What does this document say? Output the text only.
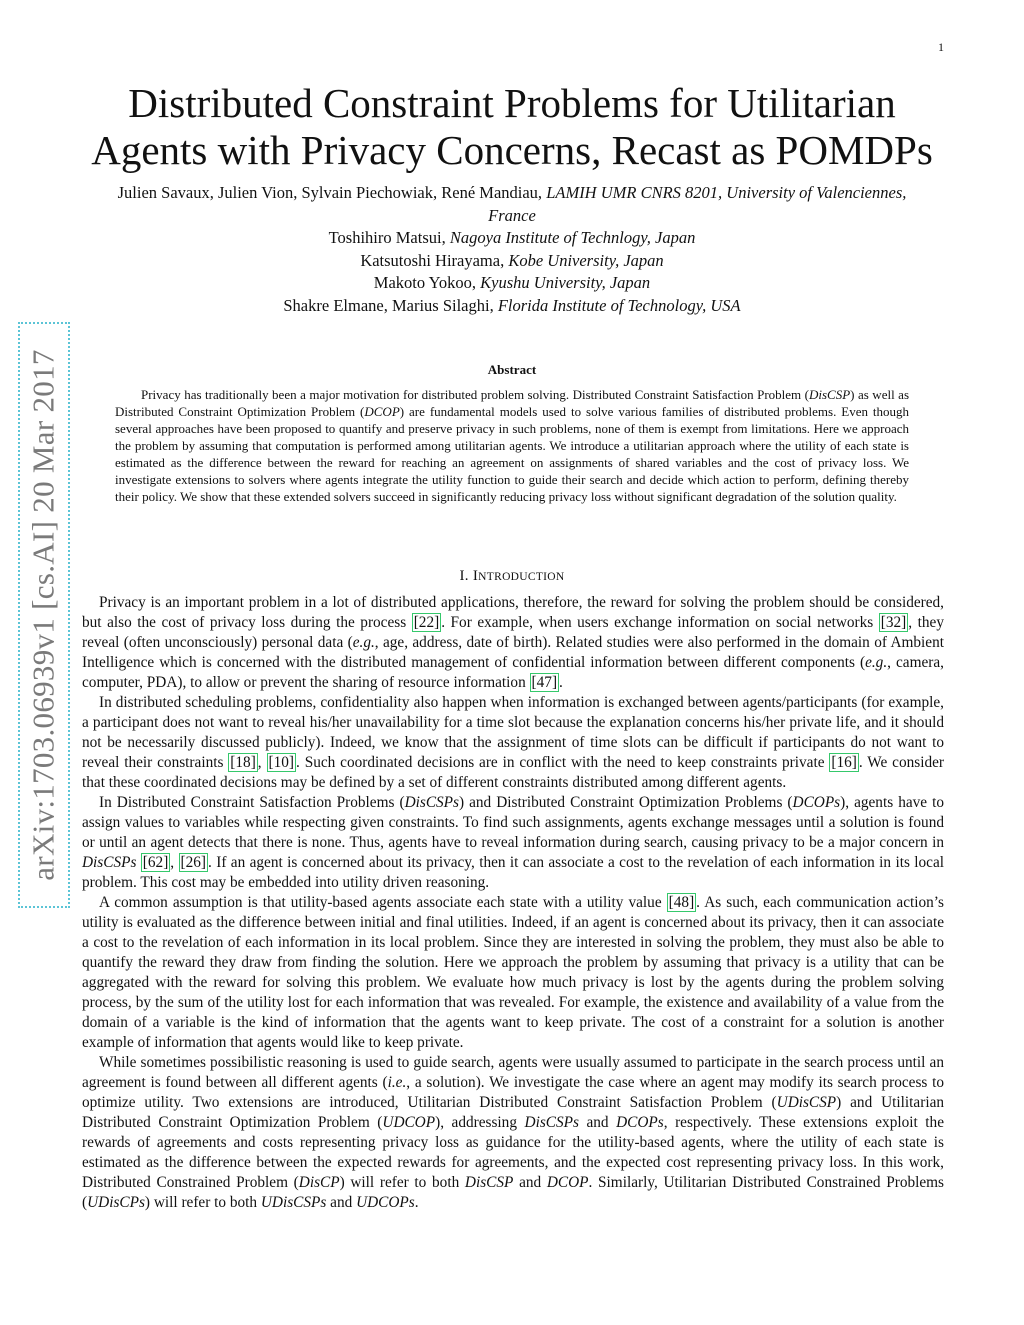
1
arXiv:1703.06939v1 [cs.AI] 20 Mar 2017
Distributed Constraint Problems for Utilitarian
Agents with Privacy Concerns, Recast as POMDPs
Julien Savaux, Julien Vion, Sylvain Piechowiak, René Mandiau, LAMIH UMR CNRS 8201, University of Valenciennes, France
Toshihiro Matsui, Nagoya Institute of Technlogy, Japan
Katsutoshi Hirayama, Kobe University, Japan
Makoto Yokoo, Kyushu University, Japan
Shakre Elmane, Marius Silaghi, Florida Institute of Technology, USA
Abstract

Privacy has traditionally been a major motivation for distributed problem solving. Distributed Constraint Satisfaction Problem (DisCSP) as well as Distributed Constraint Optimization Problem (DCOP) are fundamental models used to solve various families of distributed problems. Even though several approaches have been proposed to quantify and preserve privacy in such problems, none of them is exempt from limitations. Here we approach the problem by assuming that computation is performed among utilitarian agents. We introduce a utilitarian approach where the utility of each state is estimated as the difference between the reward for reaching an agreement on assignments of shared variables and the cost of privacy loss. We investigate extensions to solvers where agents integrate the utility function to guide their search and decide which action to perform, defining thereby their policy. We show that these extended solvers succeed in significantly reducing privacy loss without significant degradation of the solution quality.

I. INTRODUCTION

Privacy is an important problem in a lot of distributed applications, therefore, the reward for solving the problem should be considered, but also the cost of privacy loss during the process [22] . For example, when users exchange information on social networks [32] , they reveal (often unconsciously) personal data (e.g., age, address, date of birth). Related studies were also performed in the domain of Ambient Intelligence which is concerned with the distributed management of confidential information between different components (e.g., camera, computer, PDA), to allow or prevent the sharing of resource information [47] .

In distributed scheduling problems, confidentiality also happen when information is exchanged between agents/participants (for example, a participant does not want to reveal his/her unavailability for a time slot because the explanation concerns his/her private life, and it should not be necessarily discussed publicly). Indeed, we know that the assignment of time slots can be difficult if participants do not want to reveal their constraints [18] , [10] . Such coordinated decisions are in conflict with the need to keep constraints private [16] . We consider that these coordinated decisions may be defined by a set of different constraints distributed among different agents.

In Distributed Constraint Satisfaction Problems (DisCSPs) and Distributed Constraint Optimization Problems (DCOPs), agents have to assign values to variables while respecting given constraints. To find such assignments, agents exchange messages until a solution is found or until an agent detects that there is none. Thus, agents have to reveal information during search, causing privacy to be a major concern in DisCSPs [62] , [26] . If an agent is concerned about its privacy, then it can associate a cost to the revelation of each information in its local problem. This cost may be embedded into utility driven reasoning.

A common assumption is that utility-based agents associate each state with a utility value [48] . As such, each communication action’s utility is evaluated as the difference between initial and final utilities. Indeed, if an agent is concerned about its privacy, then it can associate a cost to the revelation of each information in its local problem. Since they are interested in solving the problem, they must also be able to quantify the reward they draw from finding the solution. Here we approach the problem by assuming that privacy is a utility that can be aggregated with the reward for solving this problem. We evaluate how much privacy is lost by the agents during the problem solving process, by the sum of the utility lost for each information that was revealed. For example, the existence and availability of a value from the domain of a variable is the kind of information that the agents want to keep private. The cost of a constraint for a solution is another example of information that agents would like to keep private.

While sometimes possibilistic reasoning is used to guide search, agents were usually assumed to participate in the search process until an agreement is found between all different agents (i.e., a solution). We investigate the case where an agent may modify its search process to optimize utility. Two extensions are introduced, Utilitarian Distributed Constraint Satisfaction Problem (UDisCSP) and Utilitarian Distributed Constraint Optimization Problem (UDCOP), addressing DisCSPs and DCOPs, respectively. These extensions exploit the rewards of agreements and costs representing privacy loss as guidance for the utility-based agents, where the utility of each state is estimated as the difference between the expected rewards for agreements, and the expected cost representing privacy loss. In this work, Distributed Constrained Problem (DisCP) will refer to both DisCSP and DCOP. Similarly, Utilitarian Distributed Constrained Problems (UDisCPs) will refer to both UDisCSPs and UDCOPs.
